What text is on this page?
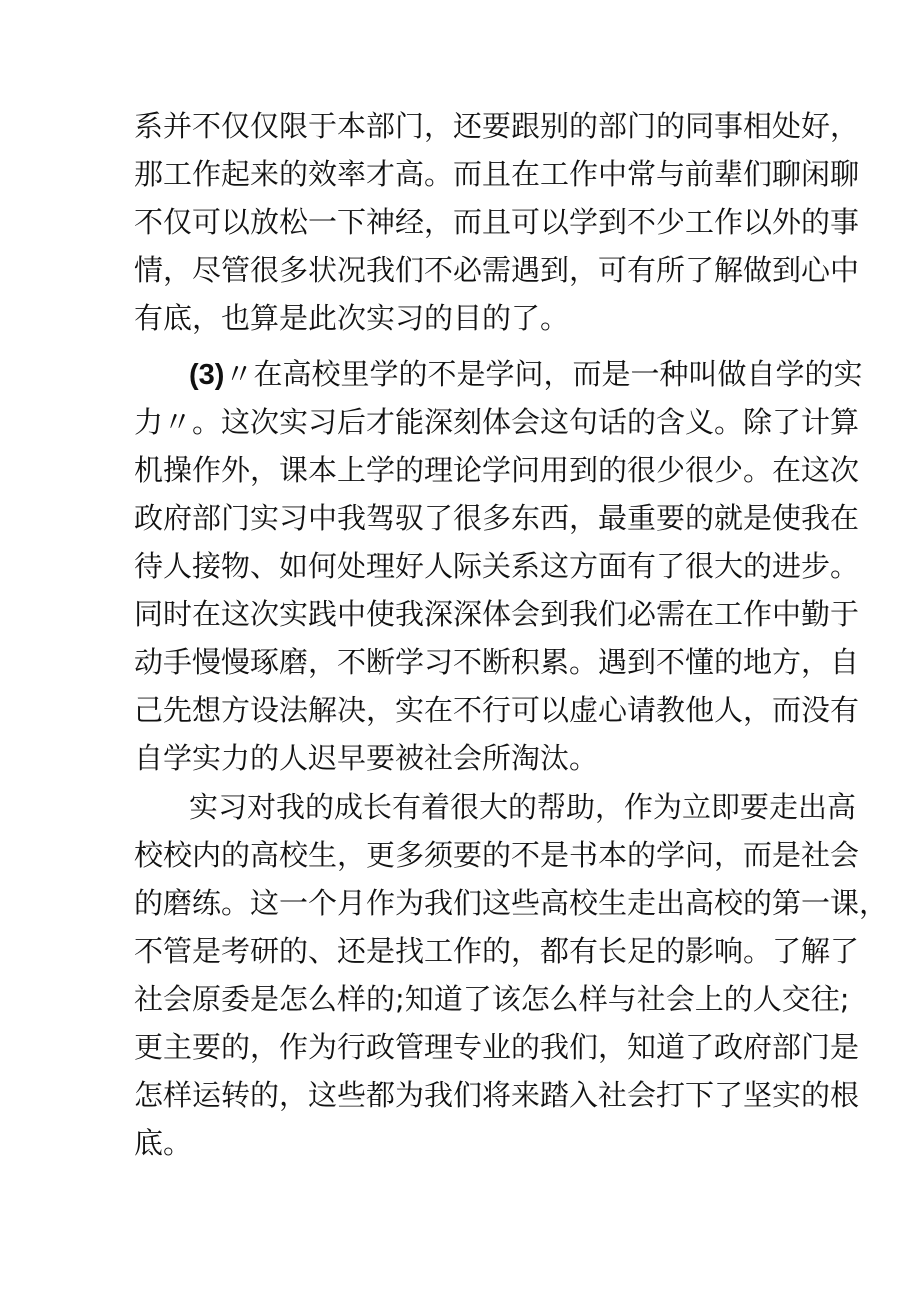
系并不仅仅限于本部门，还要跟别的部门的同事相处好，
那工作起来的效率才高。而且在工作中常与前辈们聊闲聊
不仅可以放松一下神经，而且可以学到不少工作以外的事
情，尽管很多状况我们不必需遇到，可有所了解做到心中
有底，也算是此次实习的目的了。
(3)〃在高校里学的不是学问，而是一种叫做自学的实
力〃。这次实习后才能深刻体会这句话的含义。除了计算
机操作外，课本上学的理论学问用到的很少很少。在这次
政府部门实习中我驾驭了很多东西，最重要的就是使我在
待人接物、如何处理好人际关系这方面有了很大的进步。
同时在这次实践中使我深深体会到我们必需在工作中勤于
动手慢慢琢磨，不断学习不断积累。遇到不懂的地方，自
己先想方设法解决，实在不行可以虚心请教他人，而没有
自学实力的人迟早要被社会所淘汰。
实习对我的成长有着很大的帮助，作为立即要走出高
校校内的高校生，更多须要的不是书本的学问，而是社会
的磨练。这一个月作为我们这些高校生走出高校的第一课，
不管是考研的、还是找工作的，都有长足的影响。了解了
社会原委是怎么样的;知道了该怎么样与社会上的人交往;
更主要的，作为行政管理专业的我们，知道了政府部门是
怎样运转的，这些都为我们将来踏入社会打下了坚实的根
底。
